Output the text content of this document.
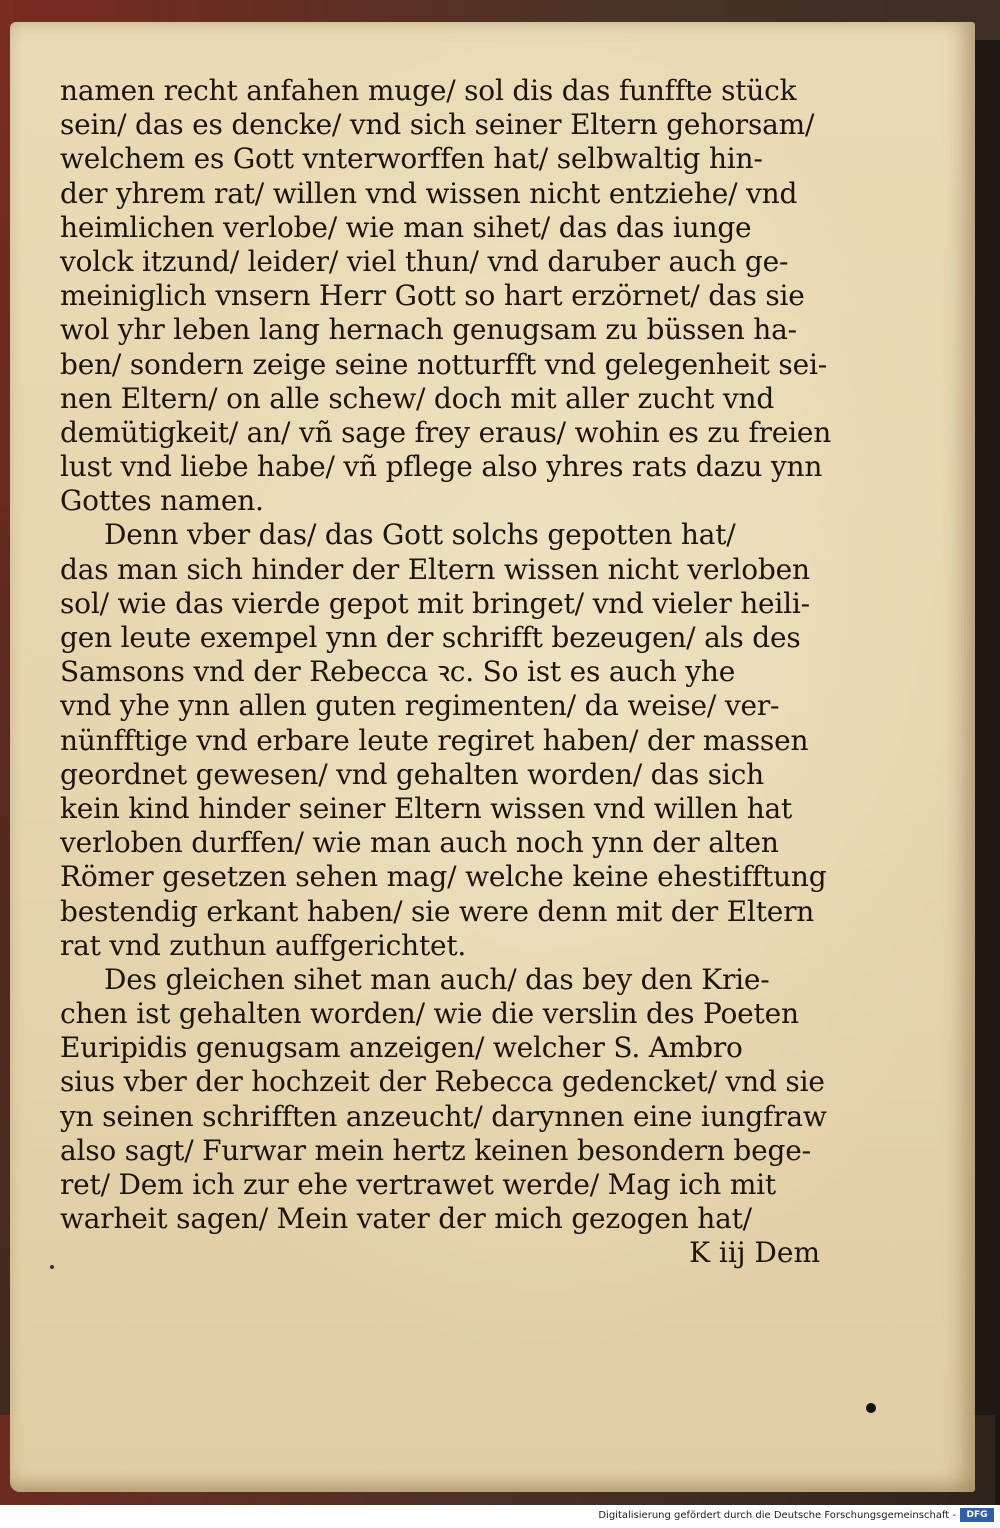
namen recht anfahen muge/ sol dis das funffte stück
sein/ das es dencke/ vnd sich seiner Eltern gehorsam/
welchem es Gott vnterworffen hat/ selbwaltig hin-
der yhrem rat/ willen vnd wissen nicht entziehe/ vnd
heimlichen verlobe/ wie man sihet/ das das iunge
volck itzund/ leider/ viel thun/ vnd daruber auch ge-
meiniglich vnsern Herr Gott so hart erzörnet/ das sie
wol yhr leben lang hernach genugsam zu büssen ha-
ben/ sondern zeige seine notturfft vnd gelegenheit sei-
nen Eltern/ on alle schew/ doch mit aller zucht vnd
demütigkeit/ an/ vñ sage frey eraus/ wohin es zu freien
lust vnd liebe habe/ vñ pflege also yhres rats dazu ynn
Gottes namen.
Denn vber das/ das Gott solchs gepotten hat/
das man sich hinder der Eltern wissen nicht verloben
sol/ wie das vierde gepot mit bringet/ vnd vieler heili-
gen leute exempel ynn der schrifft bezeugen/ als des
Samsons vnd der Rebecca ꝛc. So ist es auch yhe
vnd yhe ynn allen guten regimenten/ da weise/ ver-
nünfftige vnd erbare leute regiret haben/ der massen
geordnet gewesen/ vnd gehalten worden/ das sich
kein kind hinder seiner Eltern wissen vnd willen hat
verloben durffen/ wie man auch noch ynn der alten
Römer gesetzen sehen mag/ welche keine ehestifftung
bestendig erkant haben/ sie were denn mit der Eltern
rat vnd zuthun auffgerichtet.
Des gleichen sihet man auch/ das bey den Krie-
chen ist gehalten worden/ wie die verslin des Poeten
Euripidis genugsam anzeigen/ welcher S. Ambro
sius vber der hochzeit der Rebecca gedencket/ vnd sie
yn seinen schrifften anzeucht/ darynnen eine iungfraw
also sagt/ Furwar mein hertz keinen besondern bege-
ret/ Dem ich zur ehe vertrawet werde/ Mag ich mit
warheit sagen/ Mein vater der mich gezogen hat/
K iij Dem
Digitalisierung gefördert durch die Deutsche Forschungsgemeinschaft -	DFG
